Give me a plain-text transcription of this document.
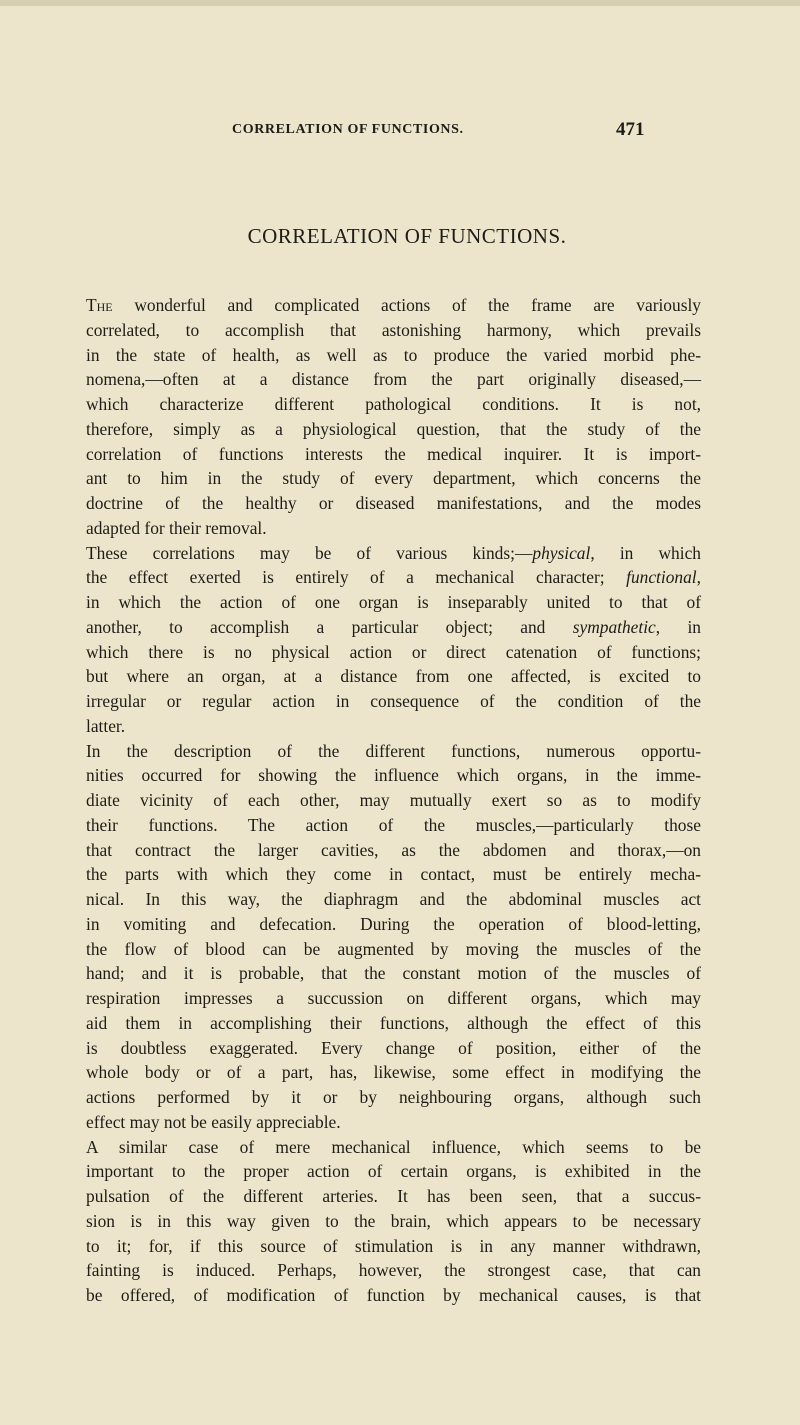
CORRELATION OF FUNCTIONS.	471
CORRELATION OF FUNCTIONS.
The wonderful and complicated actions of the frame are variously
correlated, to accomplish that astonishing harmony, which prevails
in the state of health, as well as to produce the varied morbid phe-
nomena,—often at a distance from the part originally diseased,—
which characterize different pathological conditions. It is not,
therefore, simply as a physiological question, that the study of the
correlation of functions interests the medical inquirer. It is import-
ant to him in the study of every department, which concerns the
doctrine of the healthy or diseased manifestations, and the modes
adapted for their removal.
These correlations may be of various kinds;—physical, in which
the effect exerted is entirely of a mechanical character; functional,
in which the action of one organ is inseparably united to that of
another, to accomplish a particular object; and sympathetic, in
which there is no physical action or direct catenation of functions;
but where an organ, at a distance from one affected, is excited to
irregular or regular action in consequence of the condition of the
latter.
In the description of the different functions, numerous opportu-
nities occurred for showing the influence which organs, in the imme-
diate vicinity of each other, may mutually exert so as to modify
their functions. The action of the muscles,—particularly those
that contract the larger cavities, as the abdomen and thorax,—on
the parts with which they come in contact, must be entirely mecha-
nical. In this way, the diaphragm and the abdominal muscles act
in vomiting and defecation. During the operation of blood-letting,
the flow of blood can be augmented by moving the muscles of the
hand; and it is probable, that the constant motion of the muscles of
respiration impresses a succussion on different organs, which may
aid them in accomplishing their functions, although the effect of this
is doubtless exaggerated. Every change of position, either of the
whole body or of a part, has, likewise, some effect in modifying the
actions performed by it or by neighbouring organs, although such
effect may not be easily appreciable.
A similar case of mere mechanical influence, which seems to be
important to the proper action of certain organs, is exhibited in the
pulsation of the different arteries. It has been seen, that a succus-
sion is in this way given to the brain, which appears to be necessary
to it; for, if this source of stimulation is in any manner withdrawn,
fainting is induced. Perhaps, however, the strongest case, that can
be offered, of modification of function by mechanical causes, is that
